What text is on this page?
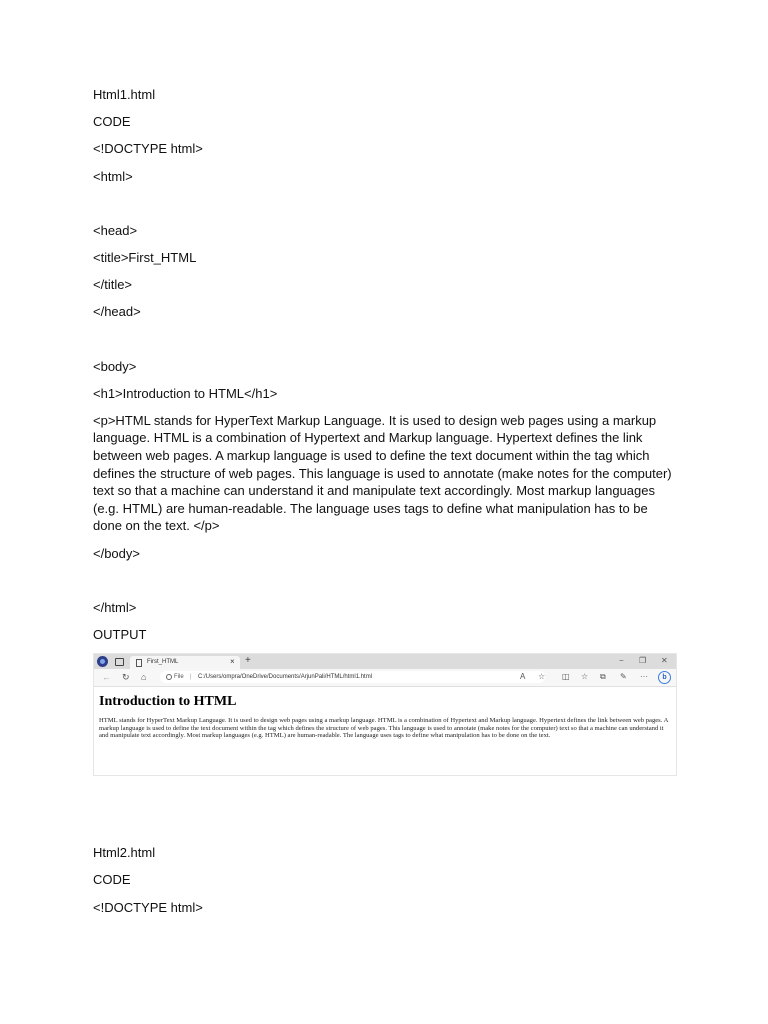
Html1.html
CODE
<!DOCTYPE html>
<html>
<head>
<title>First_HTML
</title>
</head>
<body>
<h1>Introduction to HTML</h1>
<p>HTML stands for HyperText Markup Language. It is used to design web pages using a markup language. HTML is a combination of Hypertext and Markup language. Hypertext defines the link between web pages. A markup language is used to define the text document within the tag which defines the structure of web pages. This language is used to annotate (make notes for the computer) text so that a machine can understand it and manipulate text accordingly. Most markup languages (e.g. HTML) are human-readable. The language uses tags to define what manipulation has to be done on the text. </p>
</body>
</html>
OUTPUT
First_HTML	× +	− ❐ ✕
← ↻ ⌂	File | C:/Users/ompra/OneDrive/Documents/ArjunPali/HTML/html1.html	A ☆ ◫ ☆ ⧉ ✎ ···	b
Introduction to HTML

HTML stands for HyperText Markup Language. It is used to design web pages using a markup language. HTML is a combination of Hypertext and Markup language. Hypertext defines the link between web pages. A markup language is used to define the text document within the tag which defines the structure of web pages. This language is used to annotate (make notes for the computer) text so that a machine can understand it and manipulate text accordingly. Most markup languages (e.g. HTML) are human-readable. The language uses tags to define what manipulation has to be done on the text.

Html2.html
CODE
<!DOCTYPE html>
